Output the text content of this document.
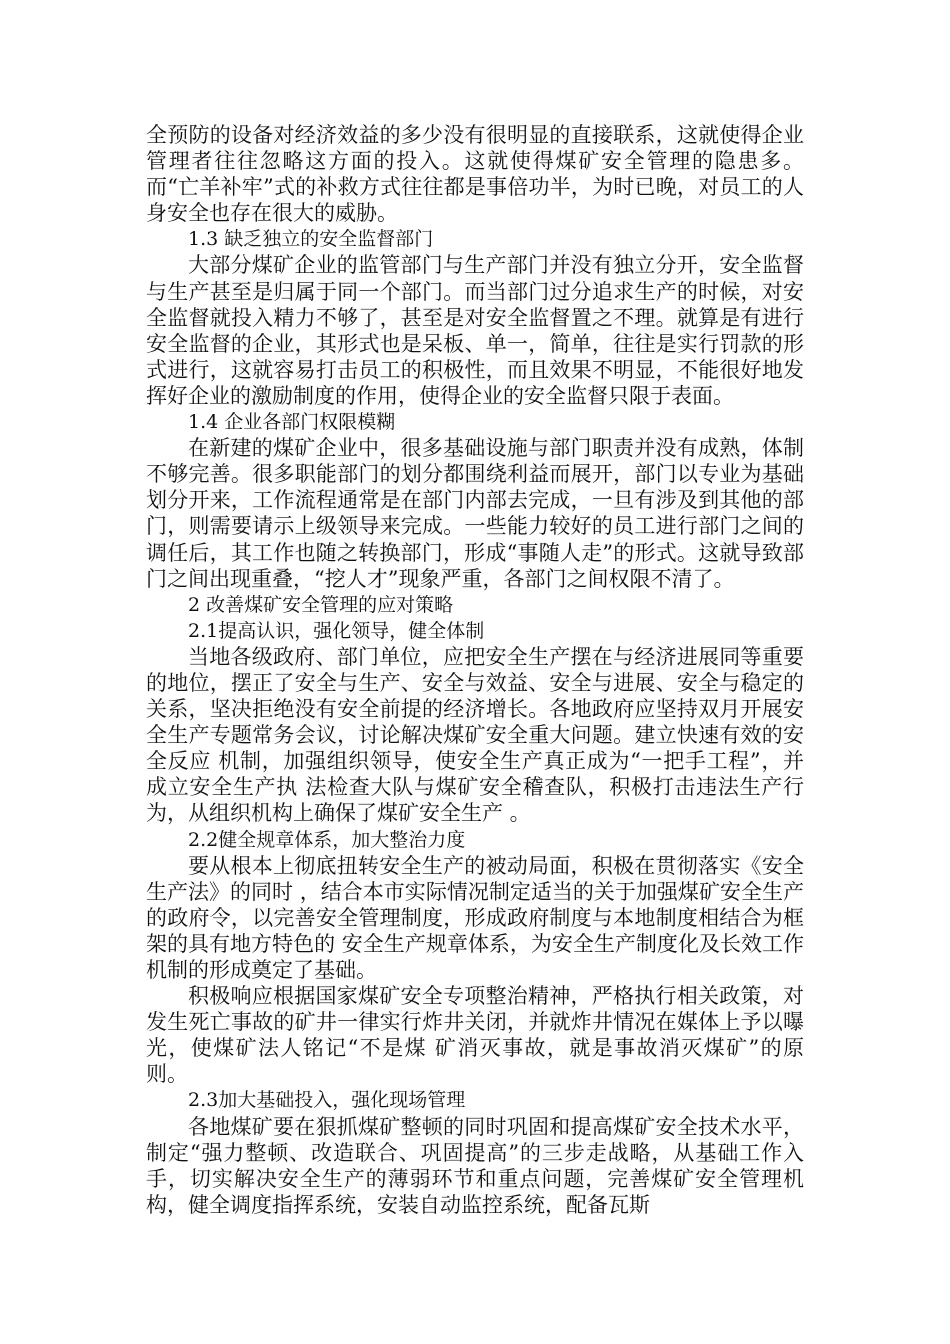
全预防的设备对经济效益的多少没有很明显的直接联系，这就使得企业管理者往往忽略这方面的投入。这就使得煤矿安全管理的隐患多。而“亡羊补牢”式的补救方式往往都是事倍功半，为时已晚，对员工的人身安全也存在很大的威胁。

1.3 缺乏独立的安全监督部门

大部分煤矿企业的监管部门与生产部门并没有独立分开，安全监督与生产甚至是归属于同一个部门。而当部门过分追求生产的时候，对安全监督就投入精力不够了，甚至是对安全监督置之不理。就算是有进行安全监督的企业，其形式也是呆板、单一，简单，往往是实行罚款的形式进行，这就容易打击员工的积极性，而且效果不明显，不能很好地发挥好企业的激励制度的作用，使得企业的安全监督只限于表面。

1.4 企业各部门权限模糊

在新建的煤矿企业中，很多基础设施与部门职责并没有成熟，体制不够完善。很多职能部门的划分都围绕利益而展开，部门以专业为基础划分开来，工作流程通常是在部门内部去完成，一旦有涉及到其他的部门，则需要请示上级领导来完成。一些能力较好的员工进行部门之间的调任后，其工作也随之转换部门，形成“事随人走”的形式。这就导致部门之间出现重叠，“挖人才”现象严重，各部门之间权限不清了。

2 改善煤矿安全管理的应对策略

2.1提高认识，强化领导，健全体制

当地各级政府、部门单位，应把安全生产摆在与经济进展同等重要的地位，摆正了安全与生产、安全与效益、安全与进展、安全与稳定的关系，坚决拒绝没有安全前提的经济增长。各地政府应坚持双月开展安全生产专题常务会议，讨论解决煤矿安全重大问题。建立快速有效的安全反应 机制，加强组织领导，使安全生产真正成为“一把手工程”，并成立安全生产执 法检查大队与煤矿安全稽查队，积极打击违法生产行为，从组织机构上确保了煤矿安全生产 。

2.2健全规章体系，加大整治力度

要从根本上彻底扭转安全生产的被动局面，积极在贯彻落实《安全生产法》的同时 ，结合本市实际情况制定适当的关于加强煤矿安全生产的政府令，以完善安全管理制度，形成政府制度与本地制度相结合为框架的具有地方特色的 安全生产规章体系，为安全生产制度化及长效工作机制的形成奠定了基础。

积极响应根据国家煤矿安全专项整治精神，严格执行相关政策，对发生死亡事故的矿井一律实行炸井关闭，并就炸井情况在媒体上予以曝光，使煤矿法人铭记“不是煤 矿消灭事故，就是事故消灭煤矿”的原则。

2.3加大基础投入，强化现场管理

各地煤矿要在狠抓煤矿整顿的同时巩固和提高煤矿安全技术水平，制定“强力整顿、改造联合、巩固提高”的三步走战略，从基础工作入手，切实解决安全生产的薄弱环节和重点问题，完善煤矿安全管理机构，健全调度指挥系统，安装自动监控系统，配备瓦斯
